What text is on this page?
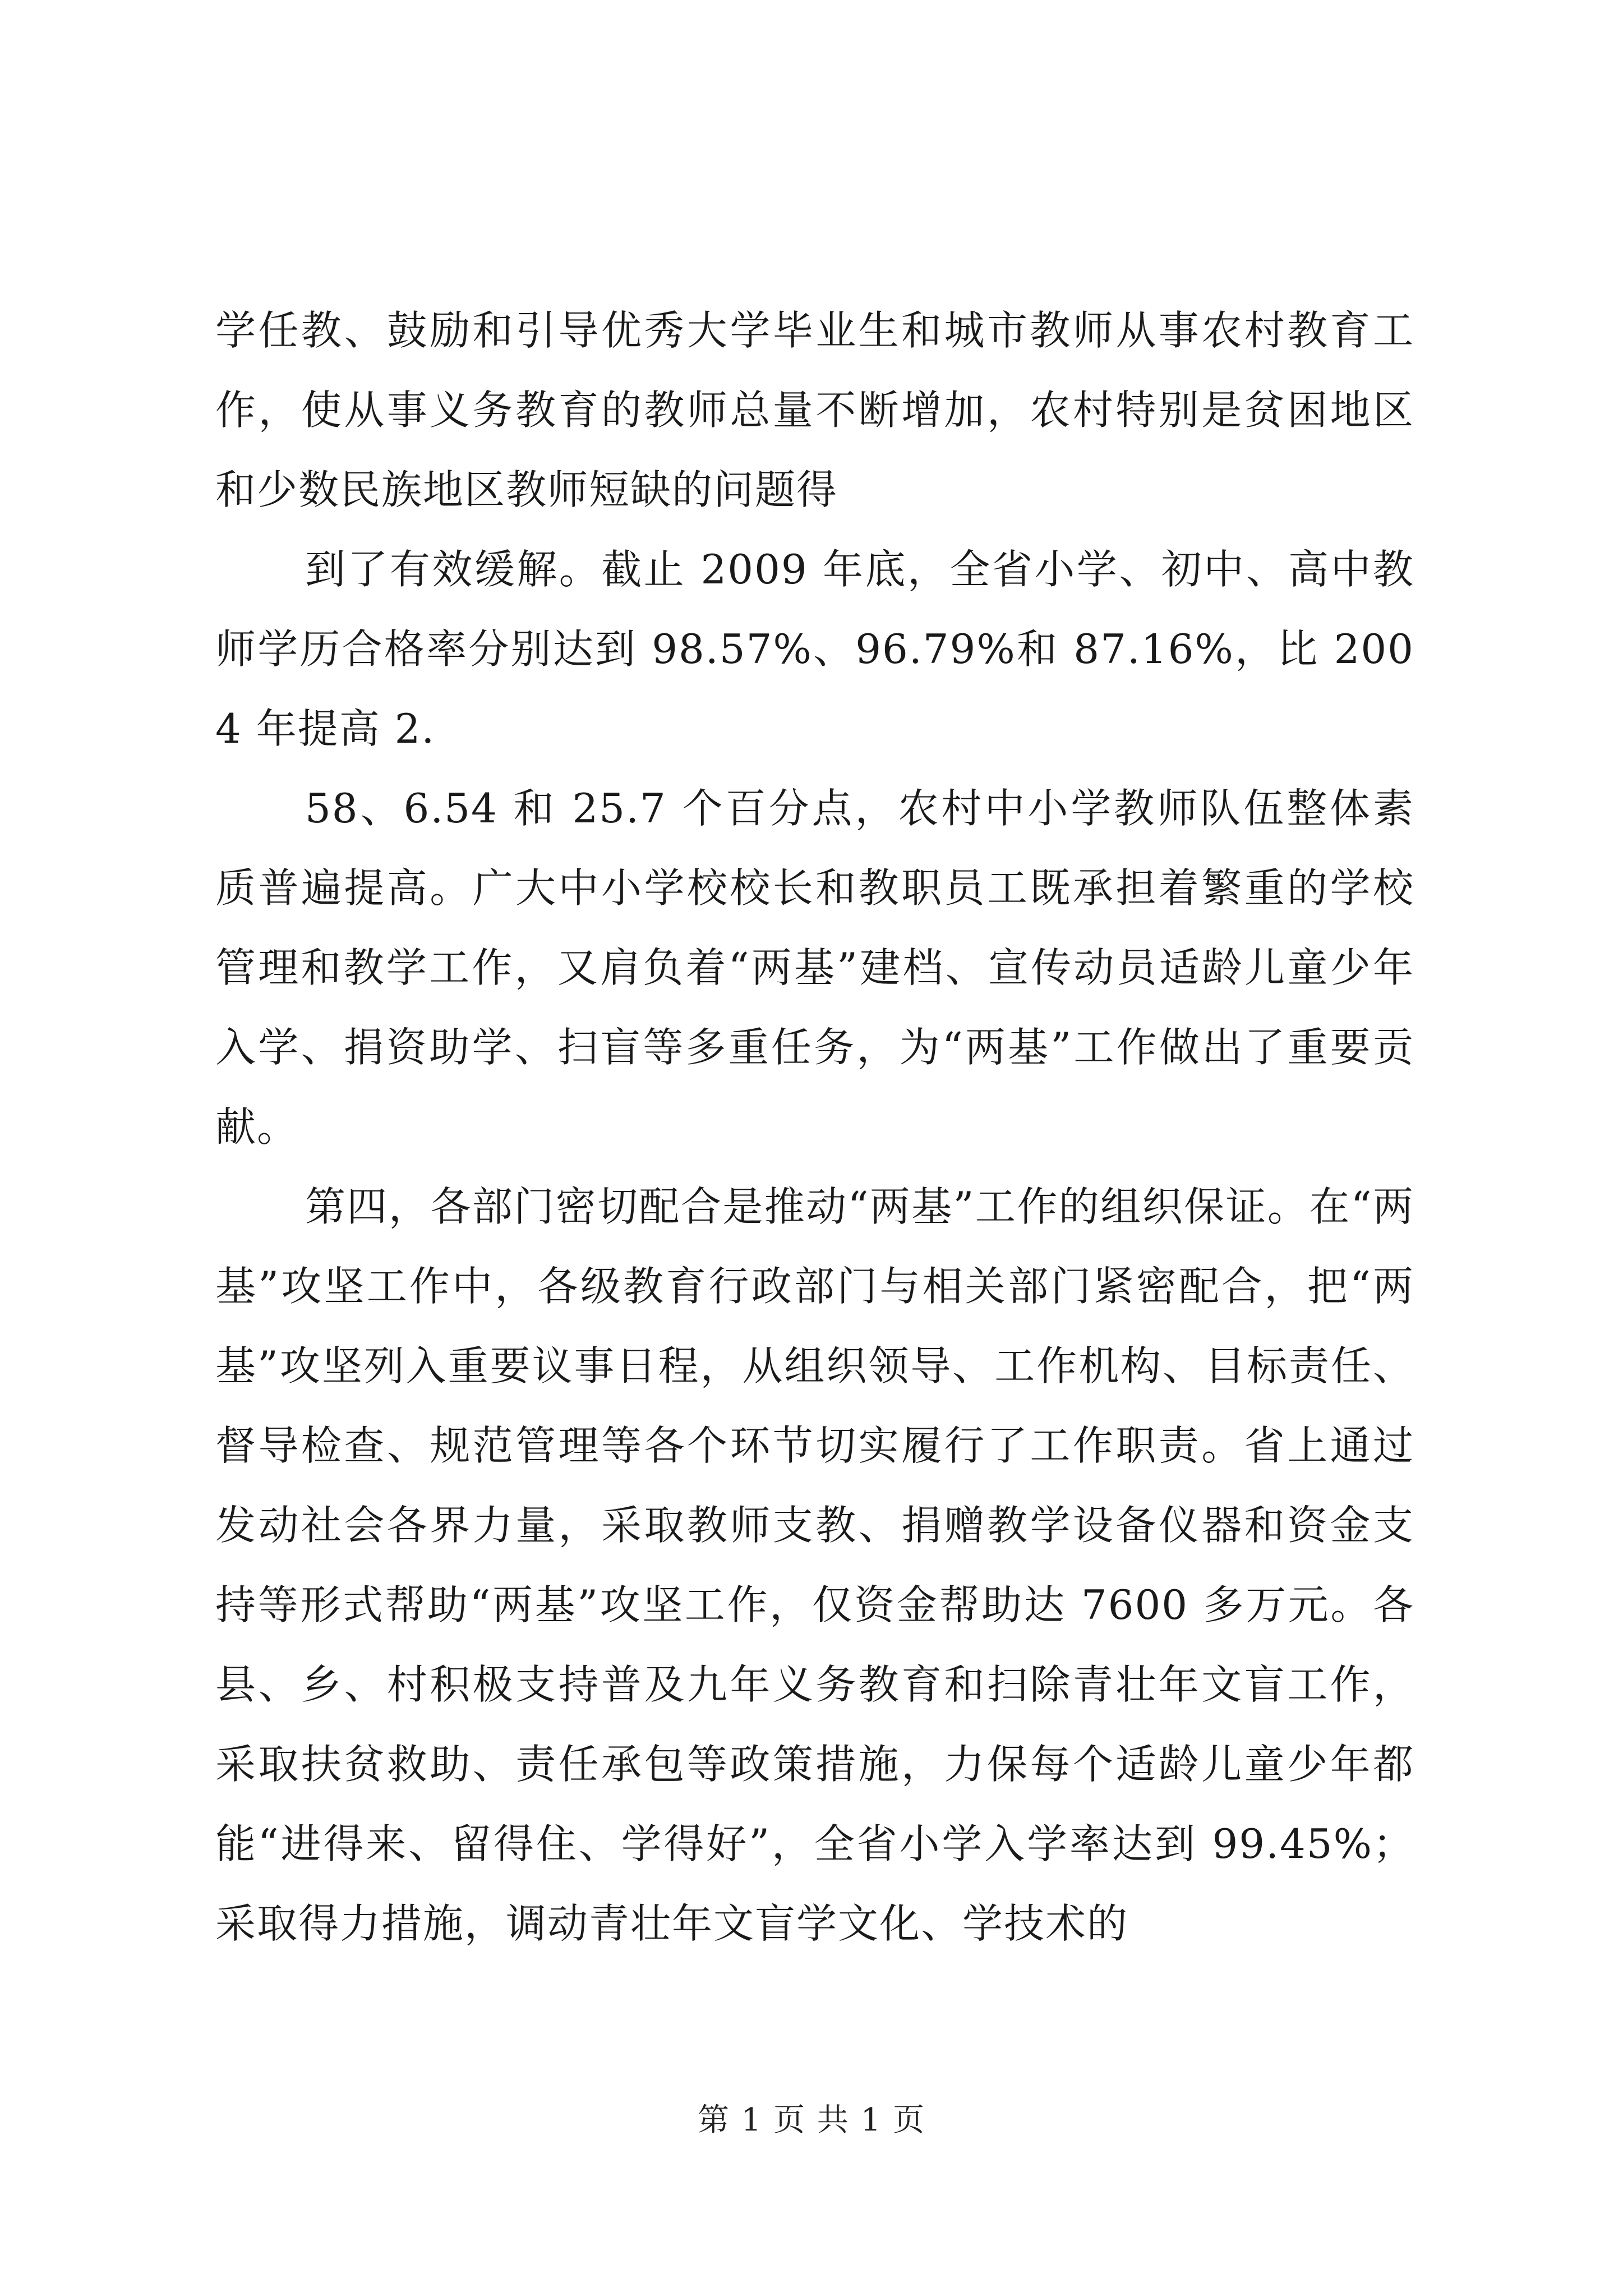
学任教、鼓励和引导优秀大学毕业生和城市教师从事农村教育工作，使从事义务教育的教师总量不断增加，农村特别是贫困地区和少数民族地区教师短缺的问题得

到了有效缓解。截止 2009 年底，全省小学、初中、高中教师学历合格率分别达到 98.57%、96.79%和 87.16%，比 2004 年提高 2.

58、6.54 和 25.7 个百分点，农村中小学教师队伍整体素质普遍提高。广大中小学校校长和教职员工既承担着繁重的学校管理和教学工作，又肩负着“两基”建档、宣传动员适龄儿童少年入学、捐资助学、扫盲等多重任务，为“两基”工作做出了重要贡献。

第四，各部门密切配合是推动“两基”工作的组织保证。在“两基”攻坚工作中，各级教育行政部门与相关部门紧密配合，把“两基”攻坚列入重要议事日程，从组织领导、工作机构、目标责任、督导检查、规范管理等各个环节切实履行了工作职责。省上通过发动社会各界力量，采取教师支教、捐赠教学设备仪器和资金支持等形式帮助“两基”攻坚工作，仅资金帮助达 7600 多万元。各县、乡、村积极支持普及九年义务教育和扫除青壮年文盲工作，采取扶贫救助、责任承包等政策措施，力保每个适龄儿童少年都能“进得来、留得住、学得好”，全省小学入学率达到 99.45%；采取得力措施，调动青壮年文盲学文化、学技术的

第 1 页 共 1 页
